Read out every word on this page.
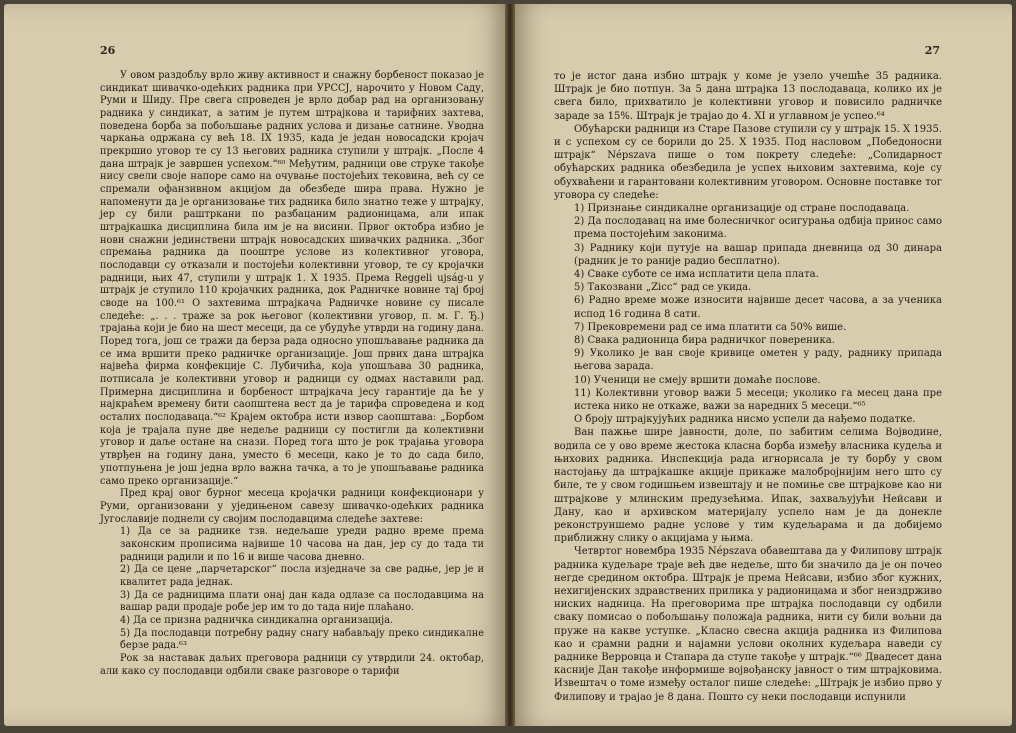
26

У овом раздобљу врло живу активност и снажну борбеност показао је синдикат шивачко-одећких радника при УРССЈ, нарочито у Новом Саду, Руми и Шиду. Пре свега спроведен је врло добар рад на организовању радника у синдикат, а затим је путем штрајкова и тарифних захтева, поведена борба за побољшање радних услова и дизање сатнине. Уводна чаркања одржана су већ 18. IX 1935, када је један новосадски кројач прекршио уговор те су 13 његових радника ступили у штрајк. „После 4 дана штрајк је завршен успехом.“⁶⁰ Међутим, радници ове струке такође нису свели своје напоре само на очување постојећих тековина, већ су се спремали офанзивном акцијом да обезбеде шира права. Нужно је напоменути да је организовање тих радника било знатно теже у штрајку, јер су били раштркани по разбацаним радионицама, али ипак штрајкашка дисциплина била им је на висини. Првог октобра избио је нови снажни јединствени штрајк новосадских шивачких радника. „Због спремања радника да пооштре услове из колективног уговора, послодавци су отказали и постојећи колективни уговор, те су кројачки радници, њих 47, ступили у штрајк 1. X 1935. Према Reggeli ujság-u у штрајк је ступило 110 кројачких радника, док Радничке новине тај број своде на 100.⁶¹ О захтевима штрајкача Радничке новине су писале следеће: „. . . траже за рок његовог (колективни уговор, п. м. Г. Ђ.) трајања који је био на шест месеци, да се убудуће утврди на годину дана. Поред тога, још се тражи да берза рада односно упошљавање радника да се има вршити преко радничке организације. Још првих дана штрајка највећа фирма конфекције С. Лубичића, која упошљава 30 радника, потписала је колективни уговор и радници су одмах наставили рад. Примерна дисциплина и борбеност штрајкача јесу гарантије да ће у најкраћем времену бити саопштена вест да је тарифа спроведена и код осталих послодаваца.“⁶² Крајем октобра исти извор саопштава: „Борбом која је трајала пуне две недеље радници су постигли да колективни уговор и даље остане на снази. Поред тога што је рок трајања уговора утврђен на годину дана, уместо 6 месеци, како је то до сада било, употпуњена је још једна врло важна тачка, а то је упошљавање радника само преко организације.“

Пред крај овог бурног месеца кројачки радници конфекционари у Руми, организовани у уједињеном савезу шивачко-одећких радника Југославије поднели су својим послодавцима следеће захтеве:

1) Да се за раднике тзв. недељашe уреди радно време према законским прописима највише 10 часова на дан, јер су до тада ти радници радили и по 16 и више часова дневно.

2) Да се цене „парчетарског“ посла изједначе за све радње, јер је и квалитет рада једнак.

3) Да се радницима плати онај дан када одлазе са послодавцима на вашар ради продаје робе јер им то до тада није плаћано.

4) Да се призна радничка синдикална организација.

5) Да послодавци потребну радну снагу набављају преко синдикалне берзе рада.⁶³

Рок за наставак даљих преговора радници су утврдили 24. октобар, али како су послодавци одбили сваке разговоре о тарифи

27

то је истог дана избио штрајк у коме је узело учешће 35 радника. Штрајк је био потпун. За 5 дана штрајка 13 послодаваца, колико их је свега било, прихватило је колективни уговор и повисило радничке зараде за 15%. Штрајк је трајао до 4. XI и углавном је успео.⁶⁴

Обућарски радници из Старе Пазове ступили су у штрајк 15. X 1935. и с успехом су се борили до 25. X 1935. Под насловом „Победоносни штрајк“ Népszava пише о том покрету следеће: „Солидарност обућарских радника обезбедила је успех њиховим захтевима, које су обухваћени и гарантовани колективним уговором. Основне поставке тог уговора су следеће:

1) Признање синдикалне организације од стране послодаваца.

2) Да послодавац на име болесничког осигурања одбија принос само према постојећим законима.

3) Раднику који путује на вашар припада дневница од 30 динара (радник је то раније радио бесплатно).

4) Сваке суботе се има исплатити цела плата.

5) Такозвани „Zicc“ рад се укида.

6) Радно време може износити највише десет часова, а за ученика испод 16 година 8 сати.

7) Прековремени рад се има платити са 50% више.

8) Свака радионица бира радничког повереника.

9) Уколико је ван своје кривице ометен у раду, раднику припада његова зарада.

10) Ученици не смеју вршити домаће послове.

11) Колективни уговор важи 5 месеци; уколико га месец дана пре истека нико не откаже, важи за наредних 5 месеци.“⁶⁵

О броју штрајкујућих радника нисмо успели да нађемо податке.

Ван пажње шире јавности, доле, по забитим селима Војводине, водила се у ово време жестока класна борба између власника кудеља и њихових радника. Инспекција рада игнорисала је ту борбу у свом настојању да штрајкашке акције прикаже малобројнијим него што су биле, те у свом годишњем извештају и не помиње све штрајкове као ни штрајкове у млинским предузећима. Ипак, захваљујући Нейсави и Дану, као и архивском материјалу успело нам је да донекле реконструишемо радне услове у тим кудељарама и да добијемо приближну слику о акцијама у њима.

Четвртог новембра 1935 Népszava обавештава да у Филиповy штрајк радника кудељаре траје већ две недеље, што би значило да је он почео негде средином октобра. Штрајк је према Нейсави, избио због кужних, нехигијенских здравствених прилика у радионицама и због неиздрживо ниских надница. На преговорима пре штрајка послодавци су одбили сваку помисао о побољшању положаја радника, нити су били вољни да пруже на какве уступке. „Класно свесна акција радника из Филипова као и срамни радни и најамни услови околних кудељара наведи су раднике Веpровца и Стапара да ступе такође у штрајк.“⁶⁶ Двадесет дана касније Дан такође информише војвођанску јавност о тим штрајковима. Извештач о томе између осталог пише следеће: „Штрајк је избио прво у Филиповy и трајао је 8 дана. Пошто су неки послодавци испунили
